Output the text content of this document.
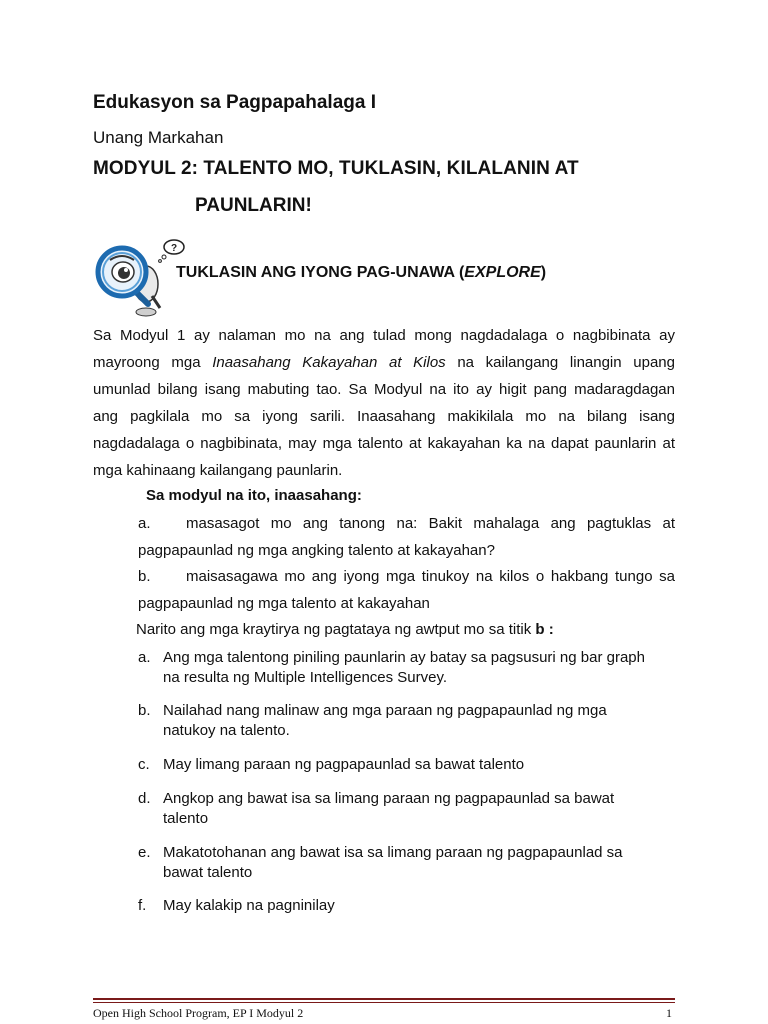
Edukasyon sa Pagpapahalaga I
Unang Markahan
MODYUL 2: TALENTO MO, TUKLASIN, KILALANIN AT
PAUNLARIN!
?
TUKLASIN ANG IYONG PAG-UNAWA (EXPLORE)
Sa Modyul 1 ay nalaman mo na ang tulad mong nagdadalaga o nagbibinata ay
mayroong mga Inaasahang Kakayahan at Kilos na kailangang linangin upang
umunlad bilang isang mabuting tao. Sa Modyul na ito ay higit pang madaragdagan
ang pagkilala mo sa iyong sarili. Inaasahang makikilala mo na bilang isang
nagdadalaga o nagbibinata, may mga talento at kakayahan ka na dapat paunlarin at
mga kahinaang kailangang paunlarin.
Sa modyul na ito, inaasahang:
a. masasagot mo ang tanong na: Bakit mahalaga ang pagtuklas at
pagpapaunlad ng mga angking talento at kakayahan?
b. maisasagawa mo ang iyong mga tinukoy na kilos o hakbang tungo sa
pagpapaunlad ng mga talento at kakayahan
Narito ang mga kraytirya ng pagtataya ng awtput mo sa titik b :
a. Ang mga talentong piniling paunlarin ay batay sa pagsusuri ng bar graph
na resulta ng Multiple Intelligences Survey.
b. Nailahad nang malinaw ang mga paraan ng pagpapaunlad ng mga
natukoy na talento.
c. May limang paraan ng pagpapaunlad sa bawat talento
d. Angkop ang bawat isa sa limang paraan ng pagpapaunlad sa bawat
talento
e. Makatotohanan ang bawat isa sa limang paraan ng pagpapaunlad sa
bawat talento
f. May kalakip na pagninilay
Open High School Program, EP I Modyul 2	1
